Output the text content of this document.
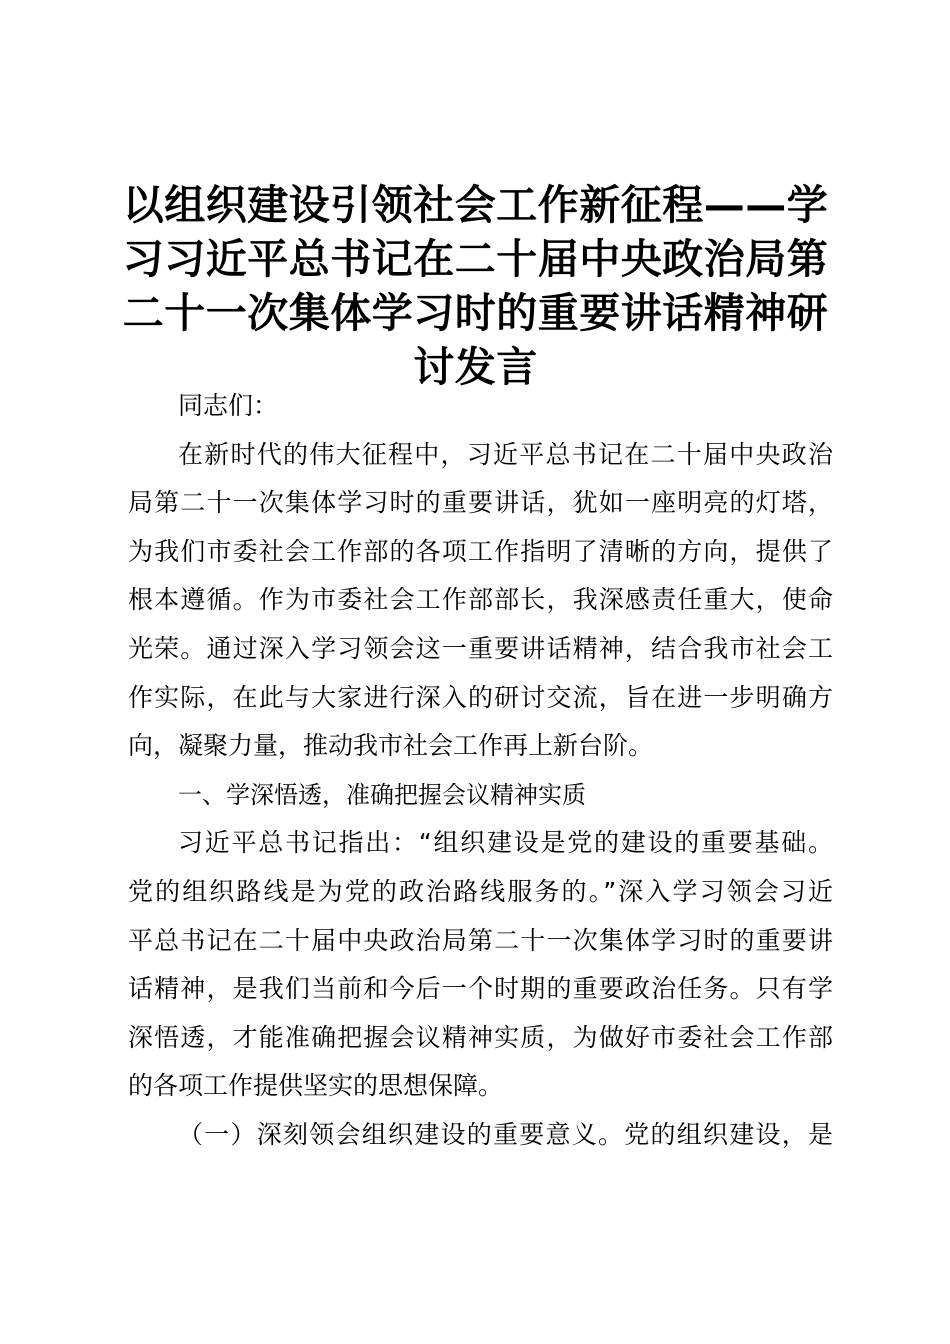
以组织建设引领社会工作新征程——学
习习近平总书记在二十届中央政治局第
二十一次集体学习时的重要讲话精神研
讨发言
同志们：
在新时代的伟大征程中，习近平总书记在二十届中央政治
局第二十一次集体学习时的重要讲话，犹如一座明亮的灯塔，
为我们市委社会工作部的各项工作指明了清晰的方向，提供了
根本遵循。作为市委社会工作部部长，我深感责任重大，使命
光荣。通过深入学习领会这一重要讲话精神，结合我市社会工
作实际，在此与大家进行深入的研讨交流，旨在进一步明确方
向，凝聚力量，推动我市社会工作再上新台阶。
一、学深悟透，准确把握会议精神实质
习近平总书记指出：“组织建设是党的建设的重要基础。
党的组织路线是为党的政治路线服务的。”深入学习领会习近
平总书记在二十届中央政治局第二十一次集体学习时的重要讲
话精神，是我们当前和今后一个时期的重要政治任务。只有学
深悟透，才能准确把握会议精神实质，为做好市委社会工作部
的各项工作提供坚实的思想保障。
（一）深刻领会组织建设的重要意义。党的组织建设，是
